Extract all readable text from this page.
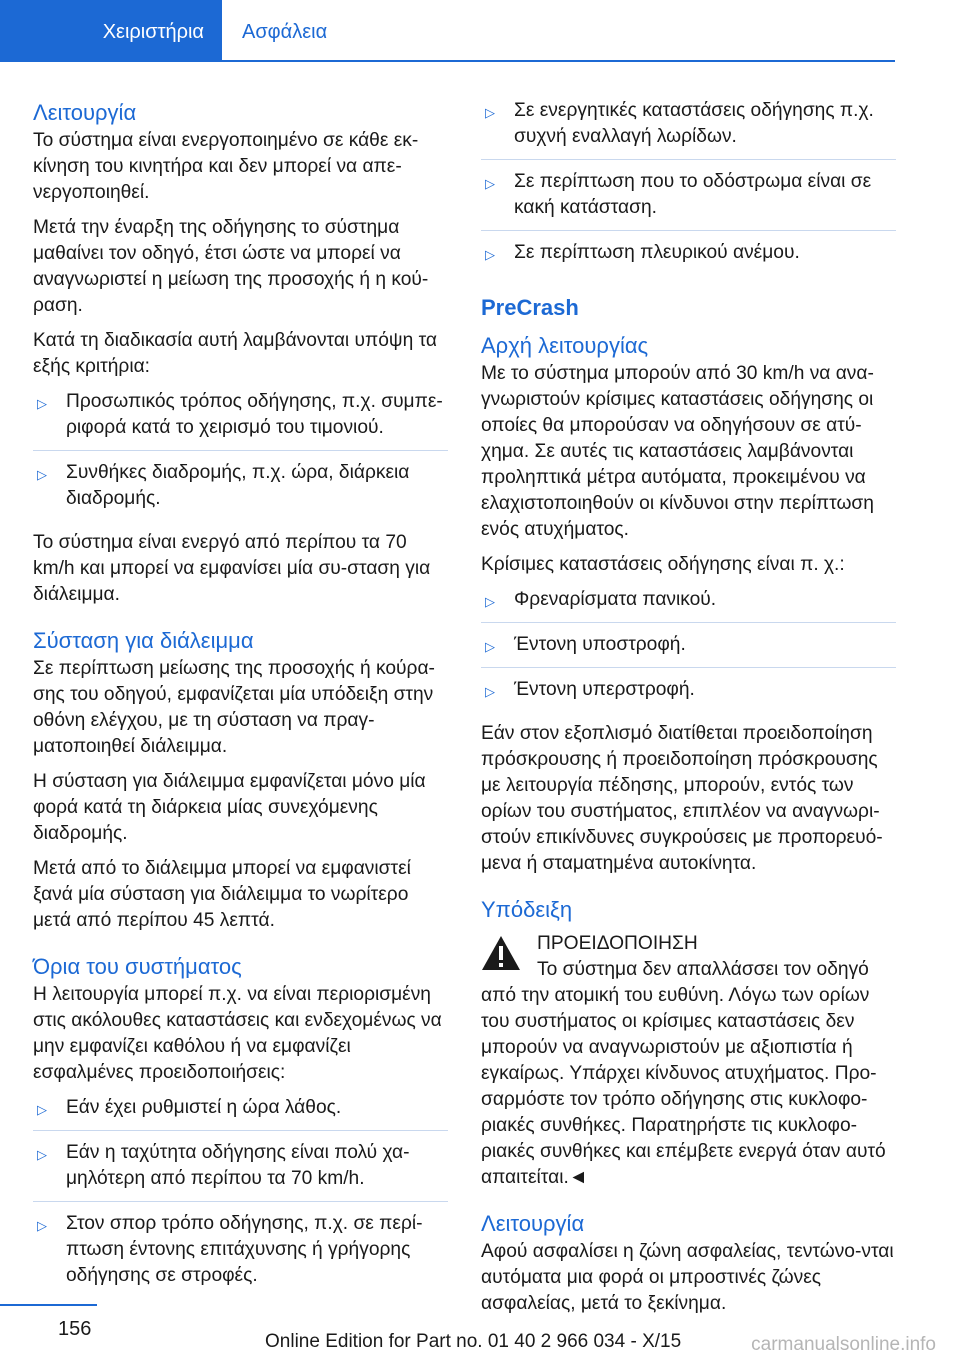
Χειριστήρια	Ασφάλεια
Λειτουργία

Το σύστημα είναι ενεργοποιημένο σε κάθε εκ-κίνηση του κινητήρα και δεν μπορεί να απε-νεργοποιηθεί.

Μετά την έναρξη της οδήγησης το σύστημα μαθαίνει τον οδηγό, έτσι ώστε να μπορεί να αναγνωριστεί η μείωση της προσοχής ή η κού-ραση.

Κατά τη διαδικασία αυτή λαμβάνονται υπόψη τα εξής κριτήρια:

▷ Προσωπικός τρόπος οδήγησης, π.χ. συμπε-ριφορά κατά το χειρισμό του τιμονιού.
▷ Συνθήκες διαδρομής, π.χ. ώρα, διάρκεια διαδρομής.

Το σύστημα είναι ενεργό από περίπου τα 70 km/h και μπορεί να εμφανίσει μία συ-σταση για διάλειμμα.

Σύσταση για διάλειμμα

Σε περίπτωση μείωσης της προσοχής ή κούρα-σης του οδηγού, εμφανίζεται μία υπόδειξη στην οθόνη ελέγχου, με τη σύσταση να πραγ-ματοποιηθεί διάλειμμα.

Η σύσταση για διάλειμμα εμφανίζεται μόνο μία φορά κατά τη διάρκεια μίας συνεχόμενης διαδρομής.

Μετά από το διάλειμμα μπορεί να εμφανιστεί ξανά μία σύσταση για διάλειμμα το νωρίτερο μετά από περίπου 45 λεπτά.

Όρια του συστήματος

Η λειτουργία μπορεί π.χ. να είναι περιορισμένη στις ακόλουθες καταστάσεις και ενδεχομένως να μην εμφανίζει καθόλου ή να εμφανίζει εσφαλμένες προειδοποιήσεις:

▷ Εάν έχει ρυθμιστεί η ώρα λάθος.
▷ Εάν η ταχύτητα οδήγησης είναι πολύ χα-μηλότερη από περίπου τα 70 km/h.
▷ Στον σπορ τρόπο οδήγησης, π.χ. σε περί-πτωση έντονης επιτάχυνσης ή γρήγορης οδήγησης σε στροφές.
▷ Σε ενεργητικές καταστάσεις οδήγησης π.χ. συχνή εναλλαγή λωρίδων.
▷ Σε περίπτωση που το οδόστρωμα είναι σε κακή κατάσταση.
▷ Σε περίπτωση πλευρικού ανέμου.
PreCrash
Αρχή λειτουργίας

Με το σύστημα μπορούν από 30 km/h να ανα-γνωριστούν κρίσιμες καταστάσεις οδήγησης οι οποίες θα μπορούσαν να οδηγήσουν σε ατύ-χημα. Σε αυτές τις καταστάσεις λαμβάνονται προληπτικά μέτρα αυτόματα, προκειμένου να ελαχιστοποιηθούν οι κίνδυνοι στην περίπτωση ενός ατυχήματος.

Κρίσιμες καταστάσεις οδήγησης είναι π. χ.:

▷ Φρεναρίσματα πανικού.
▷ Έντονη υποστροφή.
▷ Έντονη υπερστροφή.

Εάν στον εξοπλισμό διατίθεται προειδοποίηση πρόσκρουσης ή προειδοποίηση πρόσκρουσης με λειτουργία πέδησης, μπορούν, εντός των ορίων του συστήματος, επιπλέον να αναγνωρι-στούν επικίνδυνες συγκρούσεις με προπορευό-μενα ή σταματημένα αυτοκίνητα.

Υπόδειξη
ΠΡΟΕΙΔΟΠΟΙΗΣΗ
Το σύστημα δεν απαλλάσσει τον οδηγό

από την ατομική του ευθύνη. Λόγω των ορίων του συστήματος οι κρίσιμες καταστάσεις δεν μπορούν να αναγνωριστούν με αξιοπιστία ή εγκαίρως. Υπάρχει κίνδυνος ατυχήματος. Προ-σαρμόστε τον τρόπο οδήγησης στις κυκλοφο-ριακές συνθήκες. Παρατηρήστε τις κυκλοφο-ριακές συνθήκες και επέμβετε ενεργά όταν αυτό απαιτείται.◄

Λειτουργία

Αφού ασφαλίσει η ζώνη ασφαλείας, τεντώνο-νται αυτόματα μια φορά οι μπροστινές ζώνες ασφαλείας, μετά το ξεκίνημα.

156
Online Edition for Part no. 01 40 2 966 034 - X/15	carmanualsonline.info
